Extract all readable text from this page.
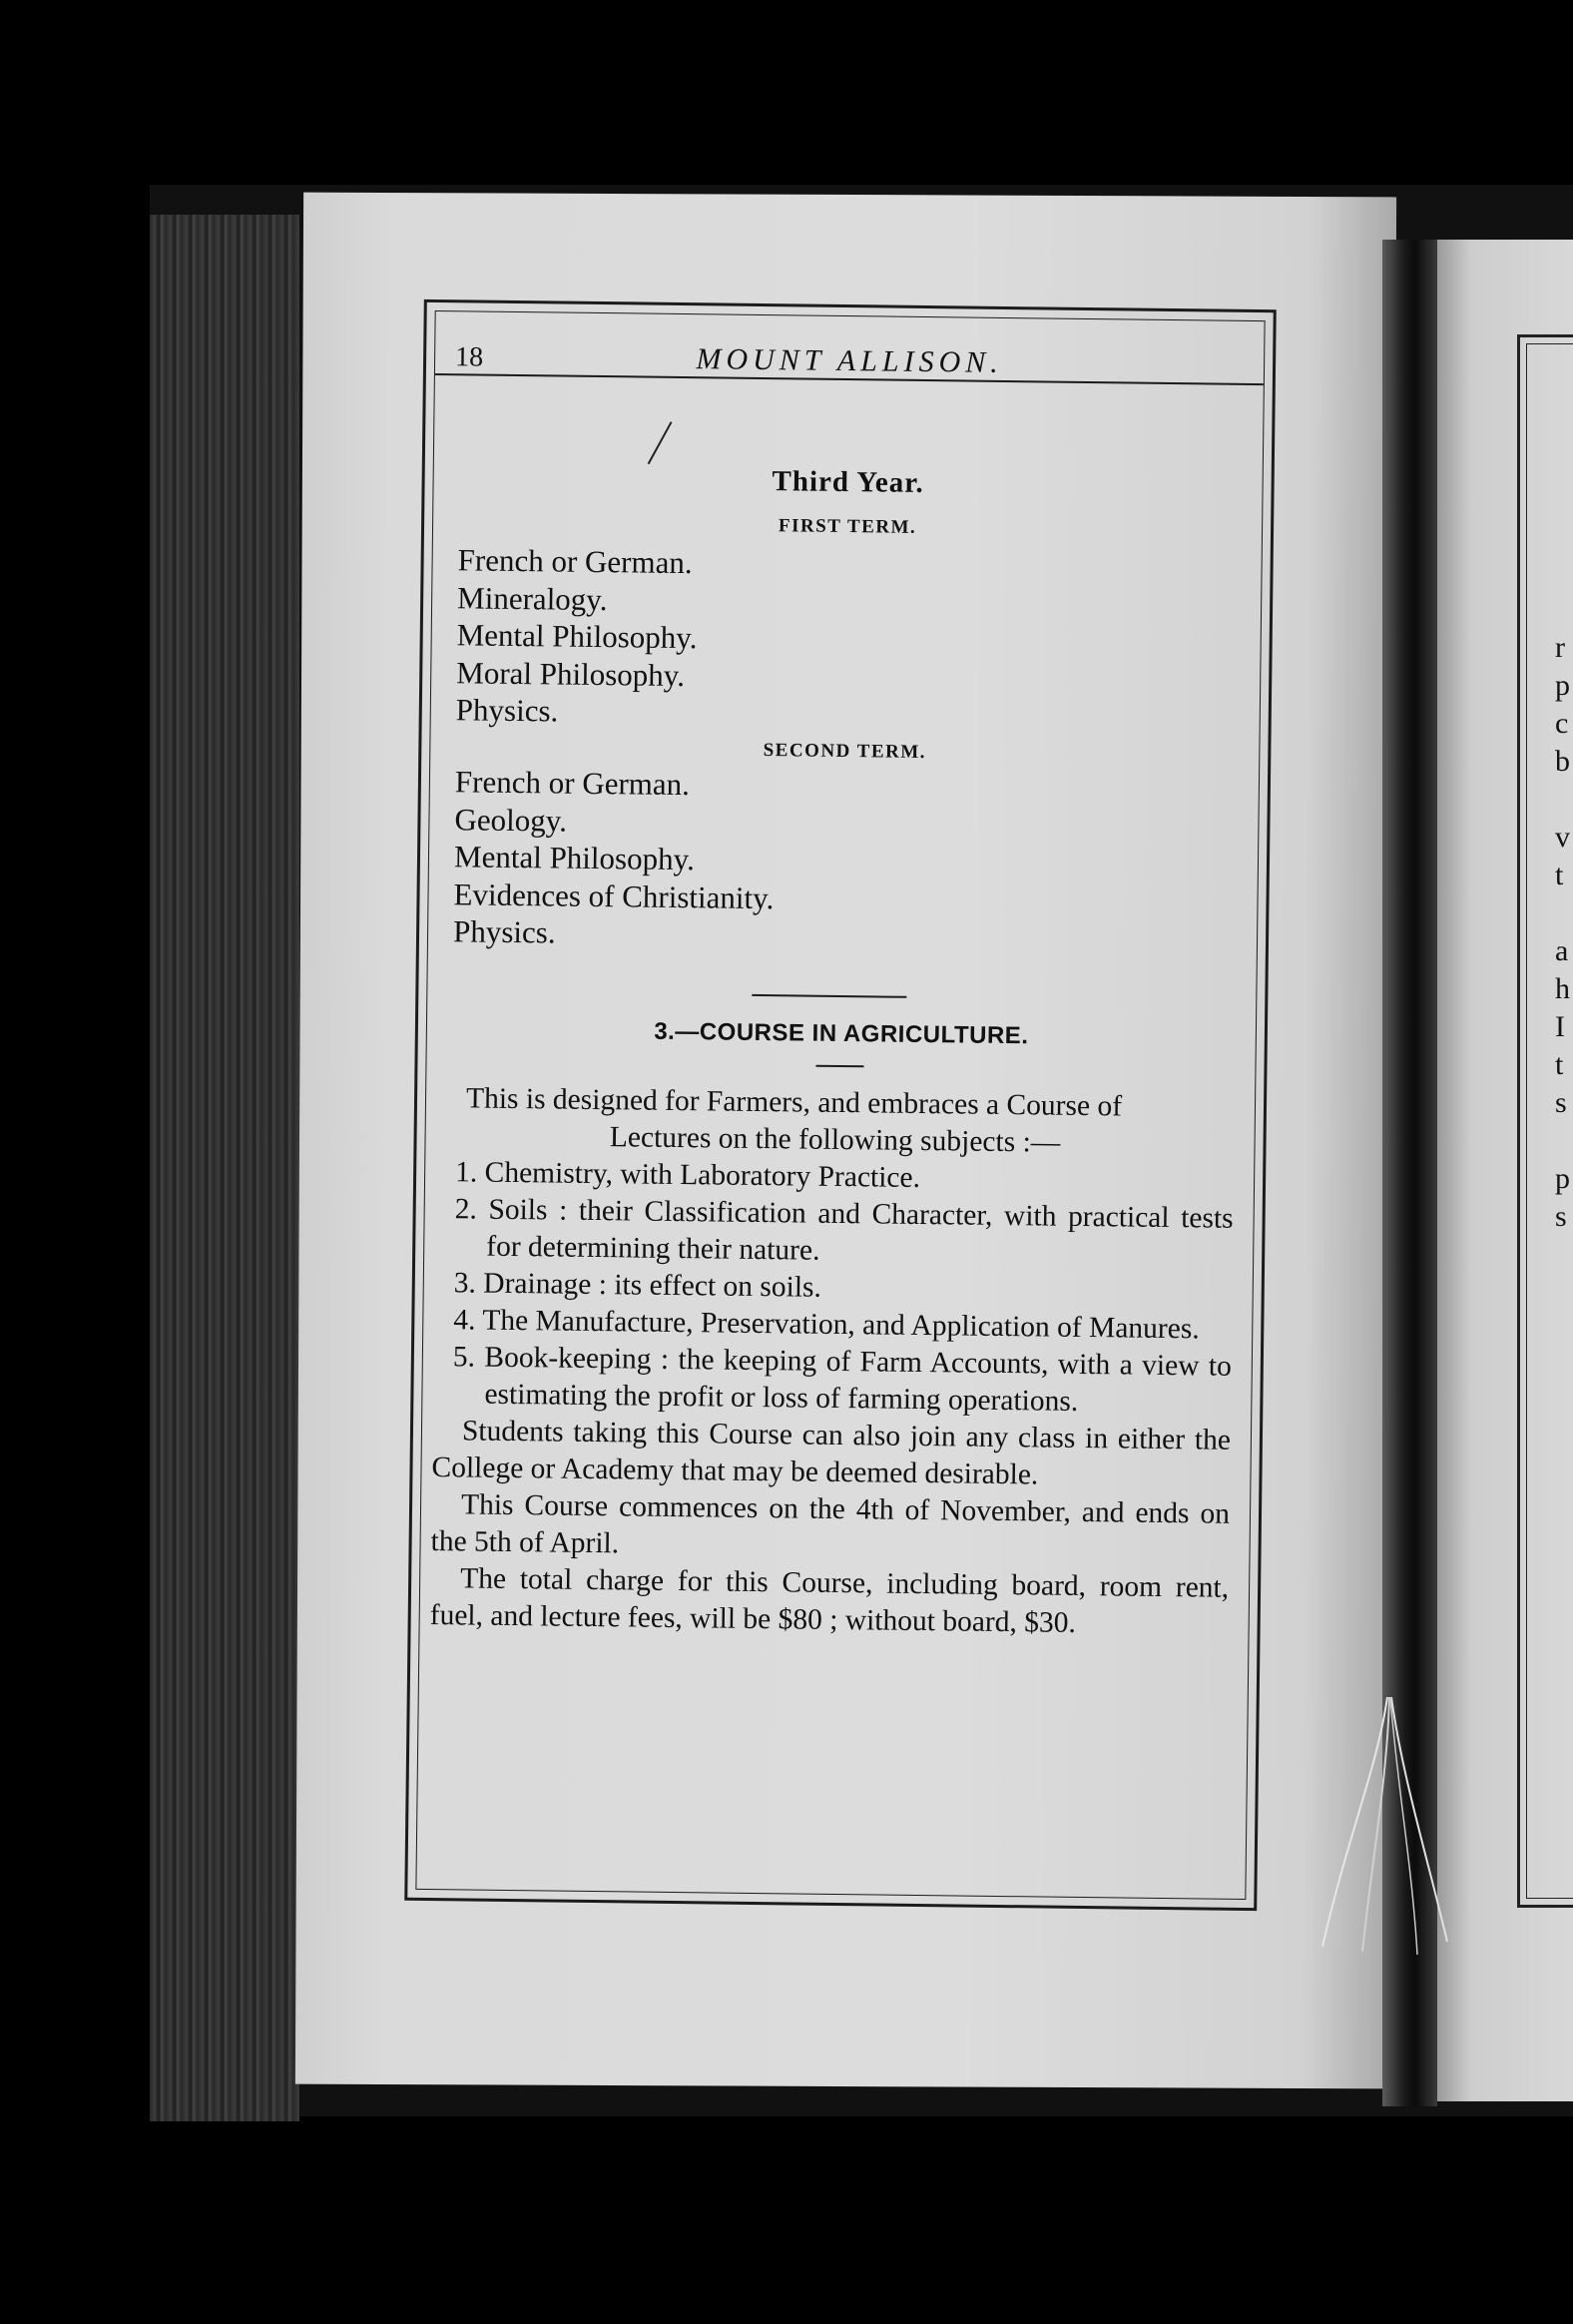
r
p
c
b

v
t

a
h
I
t
s

p
s
18	MOUNT ALLISON.
Third Year.
FIRST TERM.
French or German.
Mineralogy.
Mental Philosophy.
Moral Philosophy.
Physics.
SECOND TERM.
French or German.
Geology.
Mental Philosophy.
Evidences of Christianity.
Physics.
3.—COURSE IN AGRICULTURE.

This is designed for Farmers, and embraces a Course of

Lectures on the following subjects :—

1. Chemistry, with Laboratory Practice.

2. Soils : their Classification and Character, with practical tests for determining their nature.

3. Drainage : its effect on soils.

4. The Manufacture, Preservation, and Application of Manures.

5. Book-keeping : the keeping of Farm Accounts, with a view to estimating the profit or loss of farming operations.

Students taking this Course can also join any class in either the College or Academy that may be deemed desirable.

This Course commences on the 4th of November, and ends on the 5th of April.

The total charge for this Course, including board, room rent, fuel, and lecture fees, will be $80 ; without board, $30.
